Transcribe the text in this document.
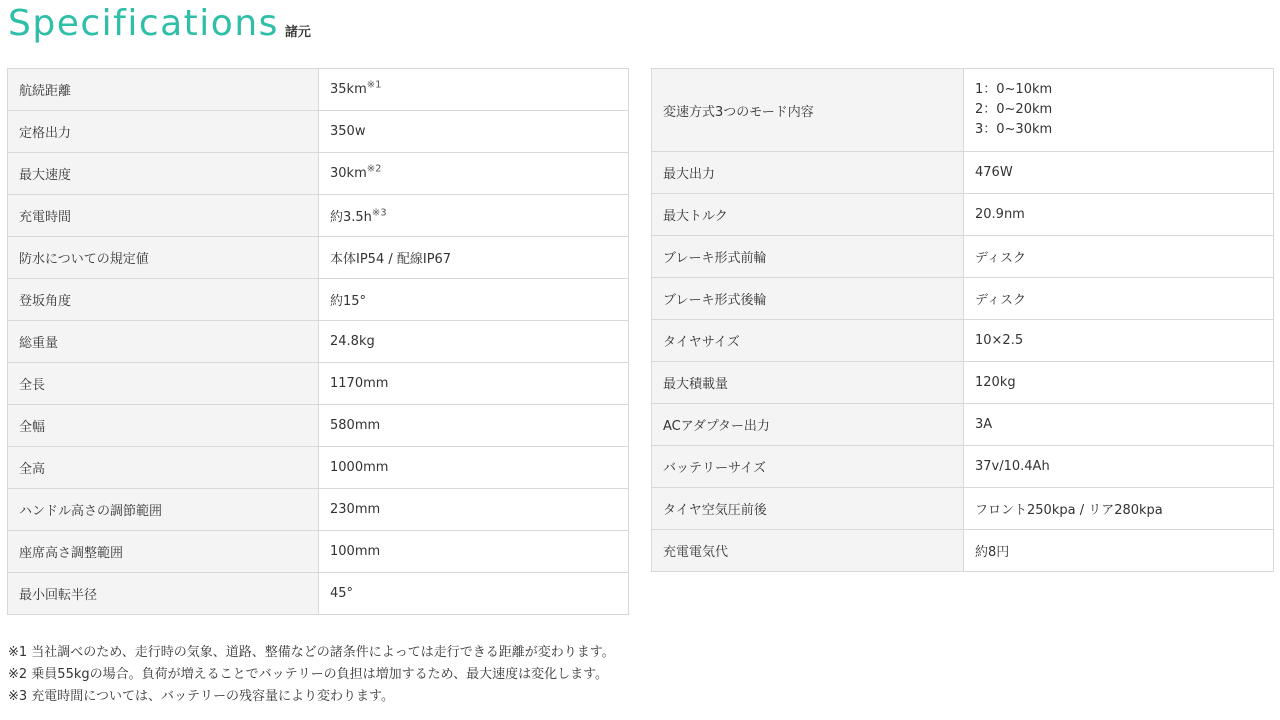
Specifications 諸元
航続距離	$35km^{※1}$
定格出力	350w
最大速度	$30km^{※2}$
充電時間	約$3.5h^{※3}$
防水についての規定値	本体IP54 / 配線IP67
登坂角度	約15°
総重量	24.8kg
全長	1170mm
全幅	580mm
全高	1000mm
ハンドル高さの調節範囲	230mm
座席高さ調整範囲	100mm
最小回転半径	45°
変速方式3つのモード内容	1：0~10km
2：0~20km
3：0~30km

最大出力	476W
最大トルク	20.9nm
ブレーキ形式前輪	ディスク
ブレーキ形式後輪	ディスク
タイヤサイズ	10×2.5
最大積載量	120kg
ACアダプター出力	3A
バッテリーサイズ	37v/10.4Ah
タイヤ空気圧前後	フロント250kpa / リア280kpa
充電電気代	約8円
※1 当社調べのため、走行時の気象、道路、整備などの諸条件によっては走行できる距離が変わります。
※2 乗員55kgの場合。負荷が増えることでバッテリーの負担は増加するため、最大速度は変化します。
※3 充電時間については、バッテリーの残容量により変わります。
